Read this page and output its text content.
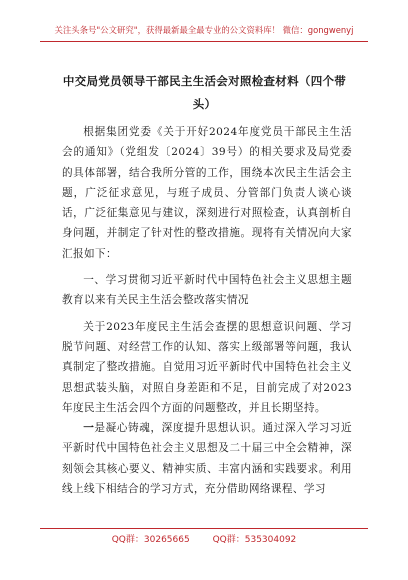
关注头条号"公文研究"，获得最新最全最专业的公文资料库！ 微信：gongwenyj
中交局党员领导干部民主生活会对照检查材料（四个带头）

根据集团党委《关于开好2024年度党员干部民主生活会的通知》（党组发〔2024〕39号）的相关要求及局党委的具体部署，结合我所分管的工作，围绕本次民主生活会主题，广泛征求意见，与班子成员、分管部门负责人谈心谈话，广泛征集意见与建议，深刻进行对照检查，认真剖析自身问题，并制定了针对性的整改措施。现将有关情况向大家汇报如下：

一、学习贯彻习近平新时代中国特色社会主义思想主题教育以来有关民主生活会整改落实情况

关于2023年度民主生活会查摆的思想意识问题、学习脱节问题、对经营工作的认知、落实上级部署等问题，我认真制定了整改措施。自觉用习近平新时代中国特色社会主义思想武装头脑，对照自身差距和不足，目前完成了对2023年度民主生活会四个方面的问题整改，并且长期坚持。

一是凝心铸魂，深度提升思想认识。通过深入学习习近平新时代中国特色社会主义思想及二十届三中全会精神，深刻领会其核心要义、精神实质、丰富内涵和实践要求。利用线上线下相结合的学习方式，充分借助网络课程、学习

QQ群：30265665	QQ群：535304092
